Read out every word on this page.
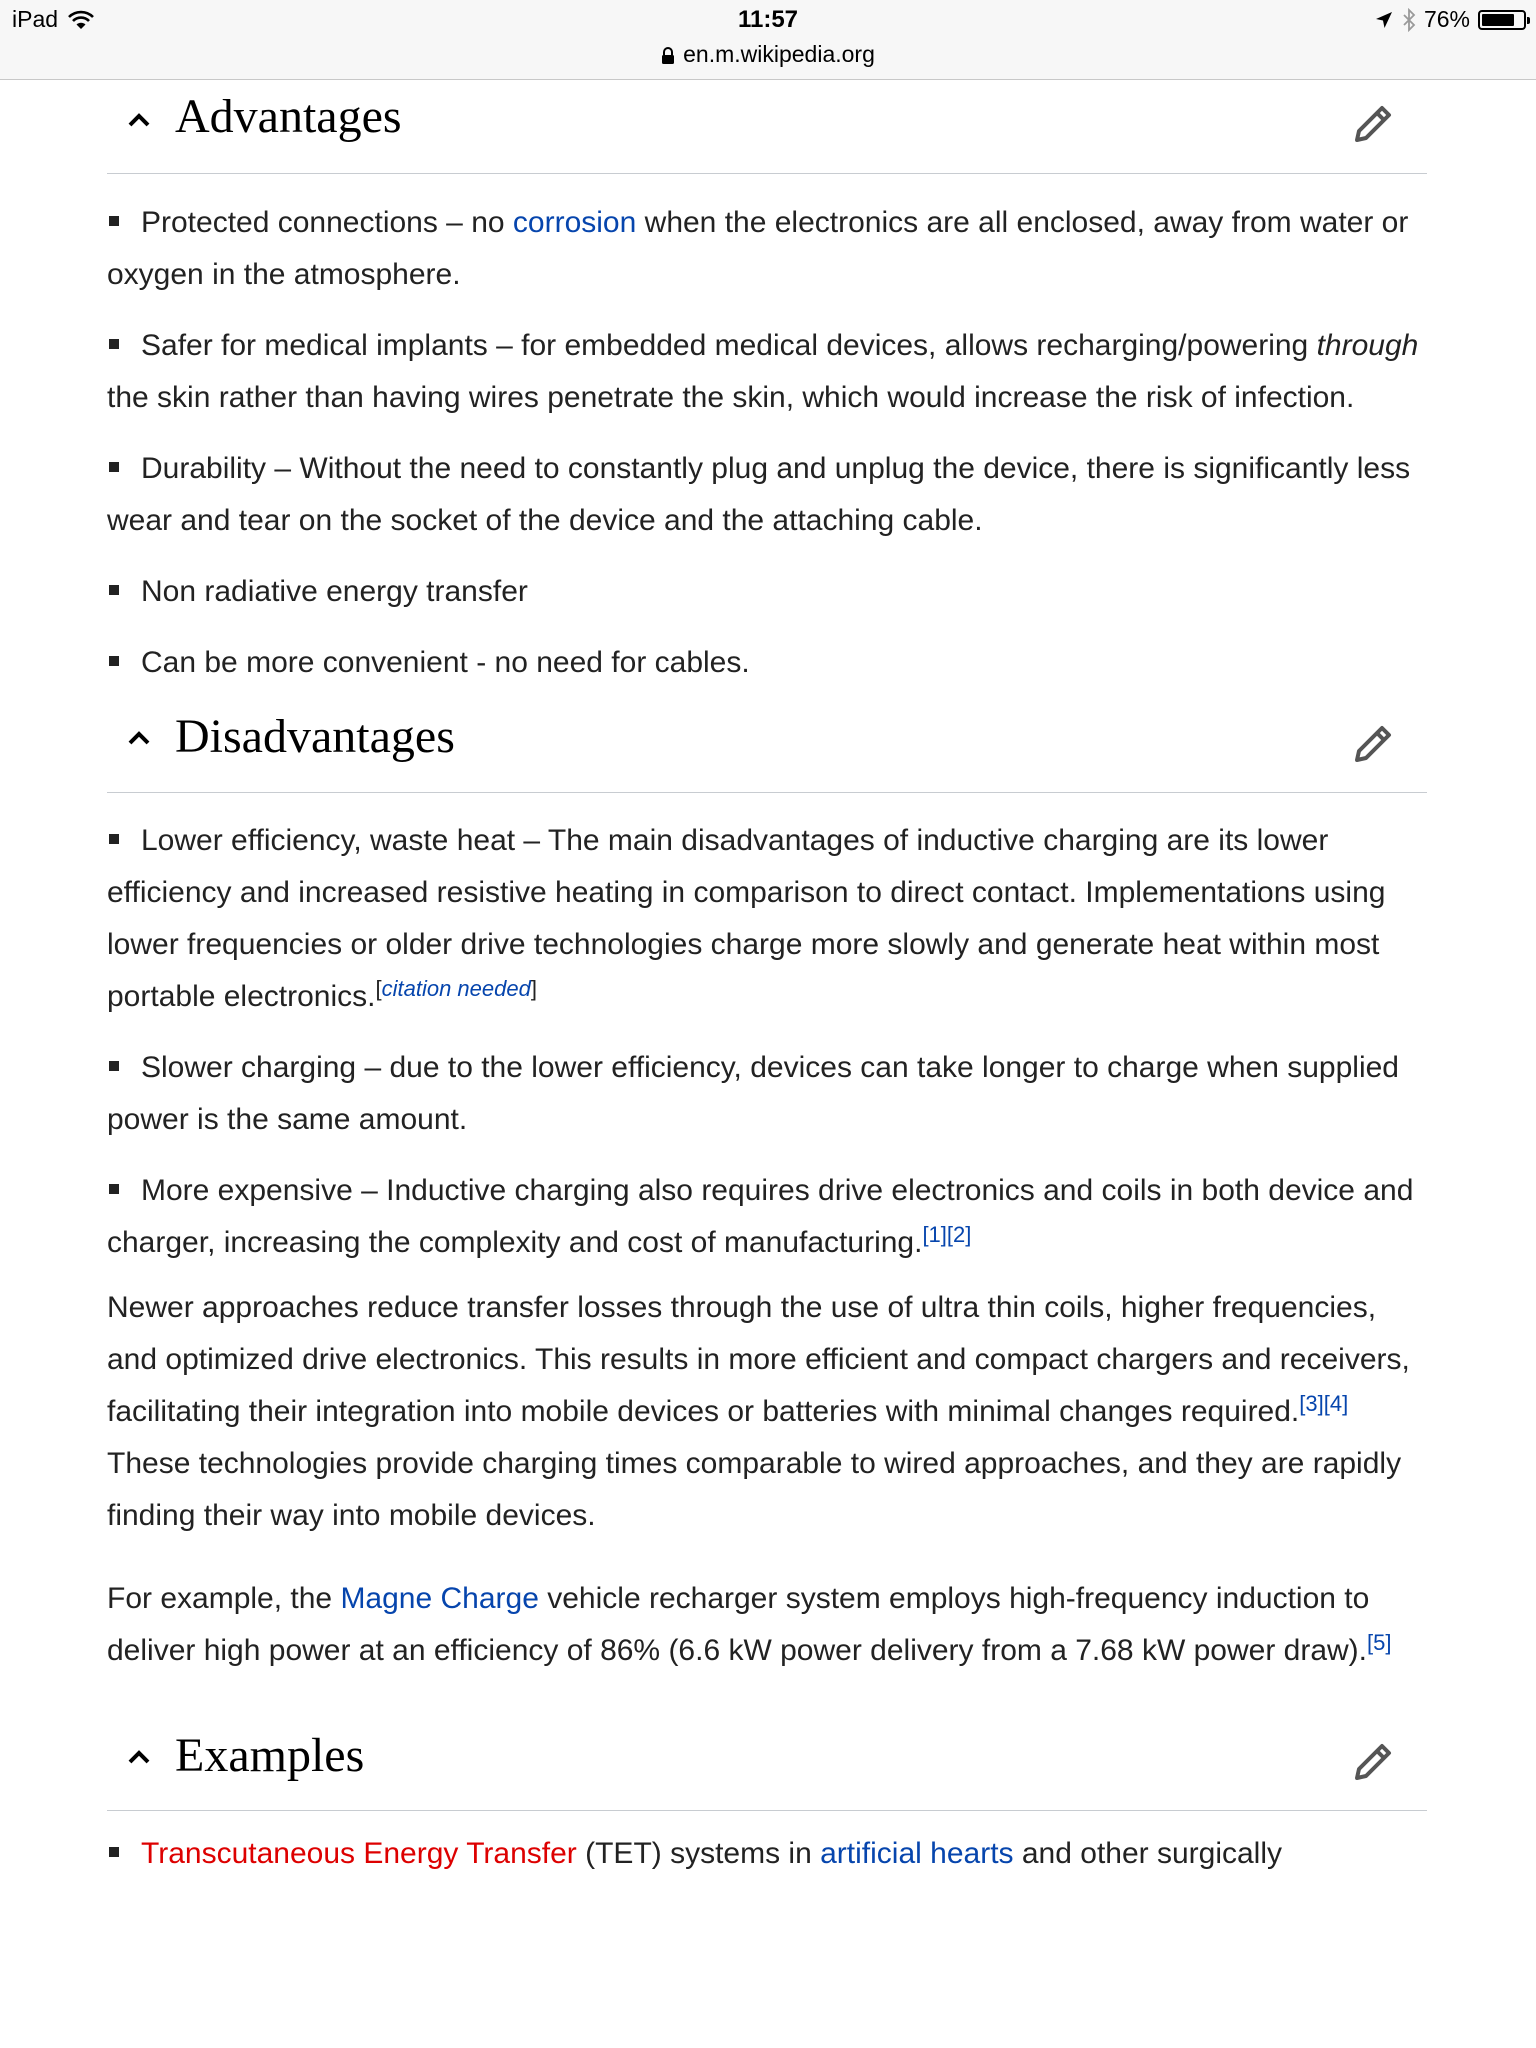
iPad	11:57
en.m.wikipedia.org
76%
Advantages
Protected connections – no corrosion when the electronics are all enclosed, away from water or oxygen in the atmosphere.
Safer for medical implants – for embedded medical devices, allows recharging/powering through the skin rather than having wires penetrate the skin, which would increase the risk of infection.
Durability – Without the need to constantly plug and unplug the device, there is significantly less wear and tear on the socket of the device and the attaching cable.
Non radiative energy transfer
Can be more convenient - no need for cables.
Disadvantages
Lower efficiency, waste heat – The main disadvantages of inductive charging are its lower efficiency and increased resistive heating in comparison to direct contact. Implementations using lower frequencies or older drive technologies charge more slowly and generate heat within most portable electronics.[citation needed]
Slower charging – due to the lower efficiency, devices can take longer to charge when supplied power is the same amount.
More expensive – Inductive charging also requires drive electronics and coils in both device and charger, increasing the complexity and cost of manufacturing.[1][2]

Newer approaches reduce transfer losses through the use of ultra thin coils, higher frequencies, and optimized drive electronics. This results in more efficient and compact chargers and receivers, facilitating their integration into mobile devices or batteries with minimal changes required.[3][4] These technologies provide charging times comparable to wired approaches, and they are rapidly finding their way into mobile devices.

For example, the Magne Charge vehicle recharger system employs high-frequency induction to deliver high power at an efficiency of 86% (6.6 kW power delivery from a 7.68 kW power draw).[5]

Examples
Transcutaneous Energy Transfer (TET) systems in artificial hearts and other surgically
